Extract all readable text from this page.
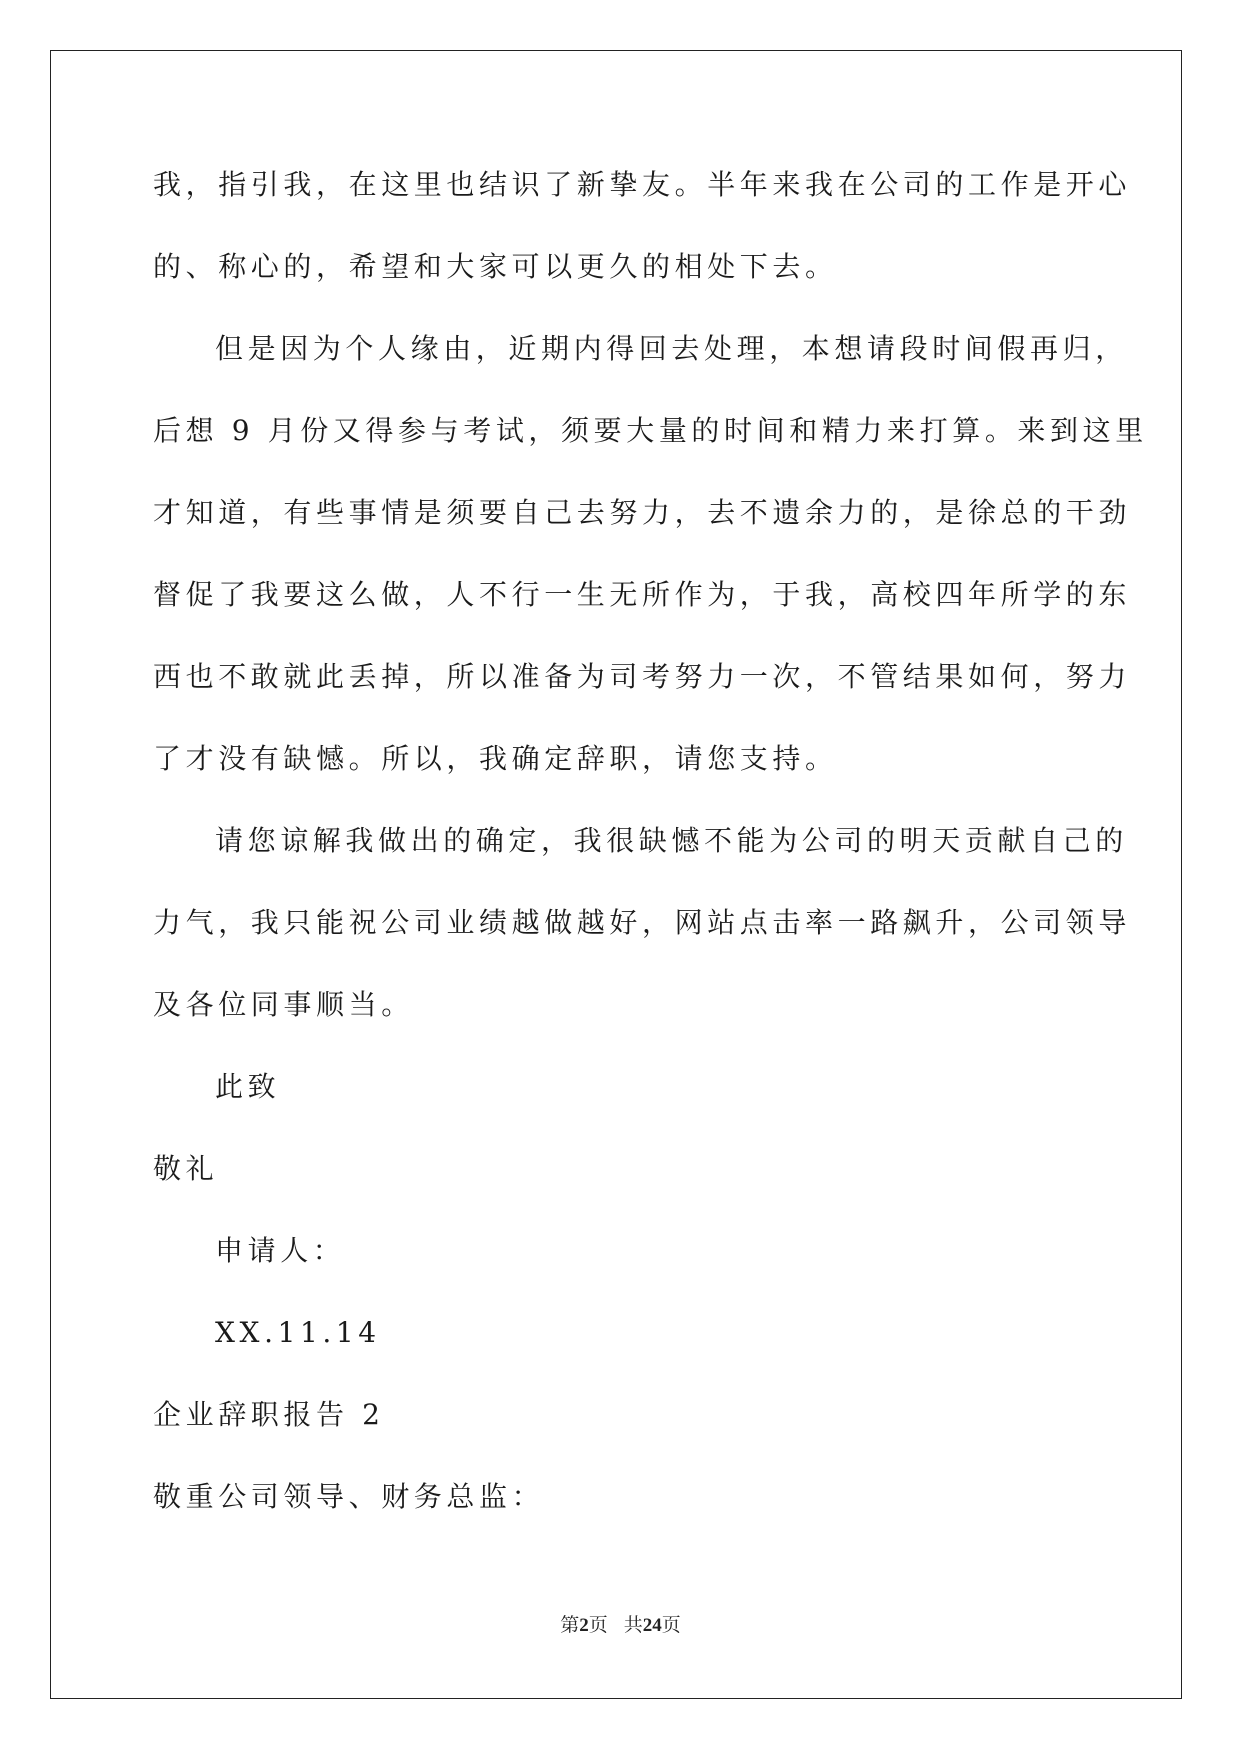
我，指引我，在这里也结识了新挚友。半年来我在公司的工作是开心
的、称心的，希望和大家可以更久的相处下去。
但是因为个人缘由，近期内得回去处理，本想请段时间假再归，
后想 9 月份又得参与考试，须要大量的时间和精力来打算。来到这里
才知道，有些事情是须要自己去努力，去不遗余力的，是徐总的干劲
督促了我要这么做，人不行一生无所作为，于我，高校四年所学的东
西也不敢就此丢掉，所以准备为司考努力一次，不管结果如何，努力
了才没有缺憾。所以，我确定辞职，请您支持。
请您谅解我做出的确定，我很缺憾不能为公司的明天贡献自己的
力气，我只能祝公司业绩越做越好，网站点击率一路飙升，公司领导
及各位同事顺当。
此致
敬礼
申请人：
XX.11.14
企业辞职报告 2
敬重公司领导、财务总监：
第2页 共24页
